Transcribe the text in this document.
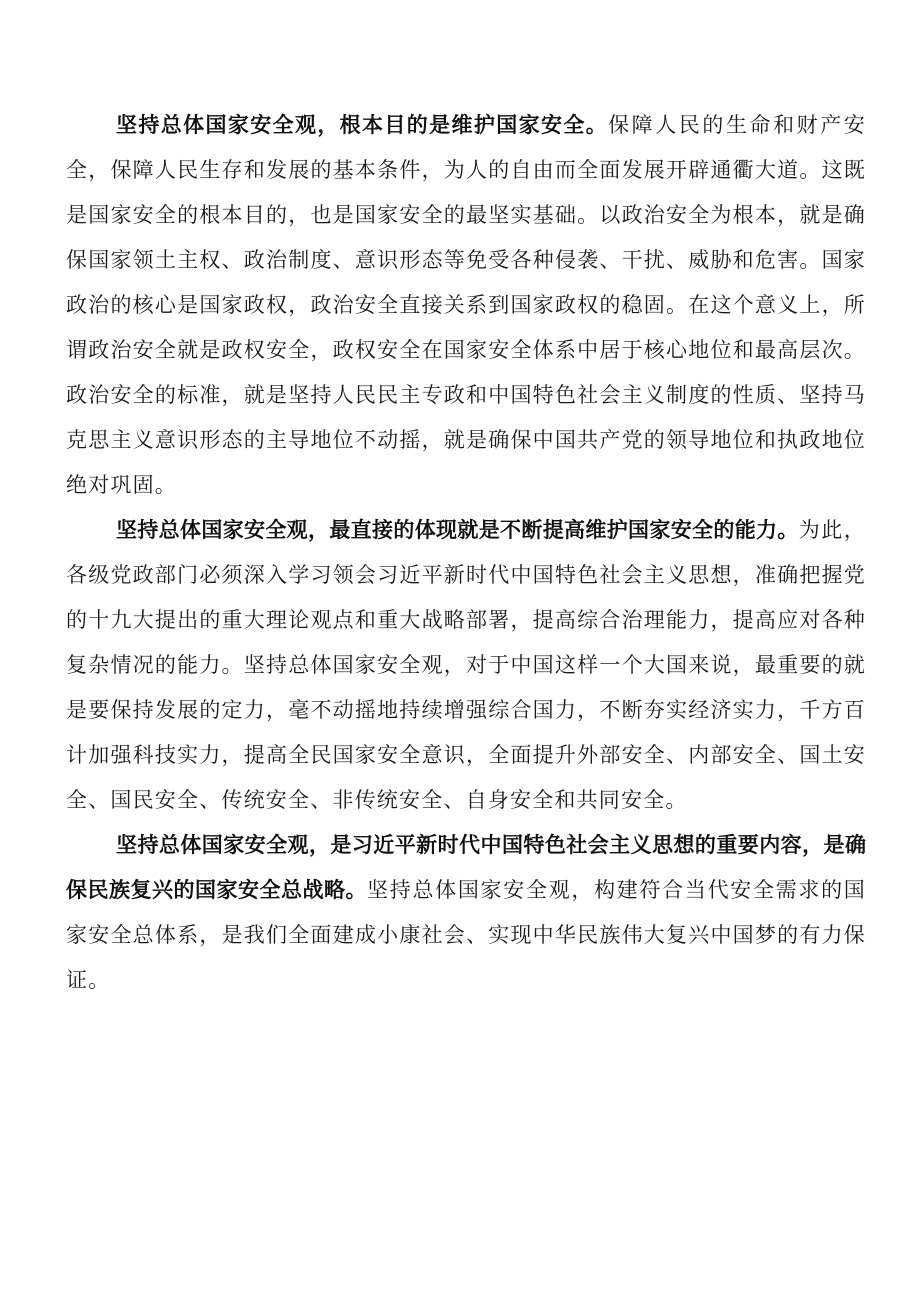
坚持总体国家安全观，根本目的是维护国家安全。保障人民的生命和财产安全，保障人民生存和发展的基本条件，为人的自由而全面发展开辟通衢大道。这既是国家安全的根本目的，也是国家安全的最坚实基础。以政治安全为根本，就是确保国家领土主权、政治制度、意识形态等免受各种侵袭、干扰、威胁和危害。国家政治的核心是国家政权，政治安全直接关系到国家政权的稳固。在这个意义上，所谓政治安全就是政权安全，政权安全在国家安全体系中居于核心地位和最高层次。政治安全的标准，就是坚持人民民主专政和中国特色社会主义制度的性质、坚持马克思主义意识形态的主导地位不动摇，就是确保中国共产党的领导地位和执政地位绝对巩固。

坚持总体国家安全观，最直接的体现就是不断提高维护国家安全的能力。为此，各级党政部门必须深入学习领会习近平新时代中国特色社会主义思想，准确把握党的十九大提出的重大理论观点和重大战略部署，提高综合治理能力，提高应对各种复杂情况的能力。坚持总体国家安全观，对于中国这样一个大国来说，最重要的就是要保持发展的定力，毫不动摇地持续增强综合国力，不断夯实经济实力，千方百计加强科技实力，提高全民国家安全意识，全面提升外部安全、内部安全、国土安全、国民安全、传统安全、非传统安全、自身安全和共同安全。

坚持总体国家安全观，是习近平新时代中国特色社会主义思想的重要内容，是确保民族复兴的国家安全总战略。坚持总体国家安全观，构建符合当代安全需求的国家安全总体系，是我们全面建成小康社会、实现中华民族伟大复兴中国梦的有力保证。
